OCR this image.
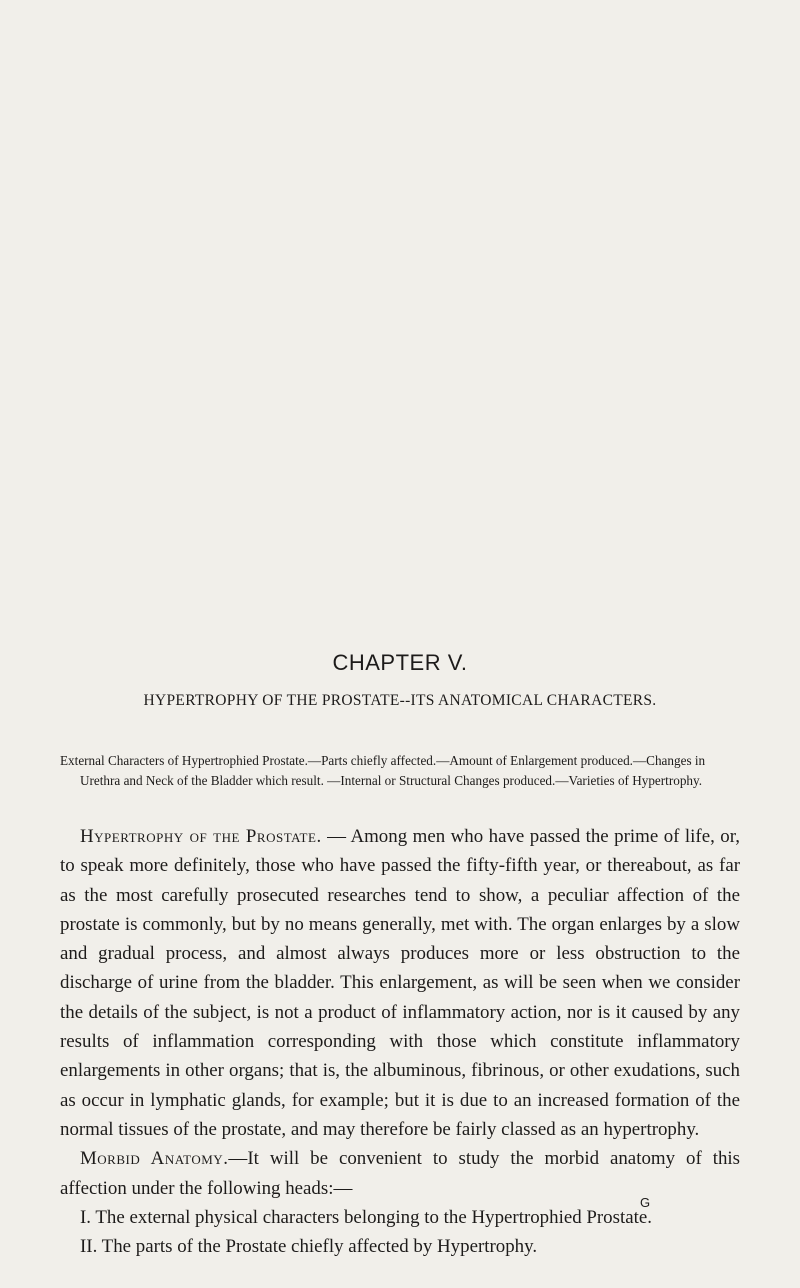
CHAPTER V.
HYPERTROPHY OF THE PROSTATE--ITS ANATOMICAL CHARACTERS.
External Characters of Hypertrophied Prostate.—Parts chiefly affected.—Amount of Enlargement produced.—Changes in Urethra and Neck of the Bladder which result. —Internal or Structural Changes produced.—Varieties of Hypertrophy.

Hypertrophy of the Prostate. — Among men who have passed the prime of life, or, to speak more definitely, those who have passed the fifty-fifth year, or thereabout, as far as the most carefully prosecuted researches tend to show, a peculiar affection of the prostate is commonly, but by no means generally, met with. The organ enlarges by a slow and gradual process, and almost always produces more or less obstruction to the discharge of urine from the bladder. This enlargement, as will be seen when we consider the details of the subject, is not a product of inflammatory action, nor is it caused by any results of inflammation corresponding with those which constitute inflammatory enlargements in other organs; that is, the albuminous, fibrinous, or other exudations, such as occur in lymphatic glands, for example; but it is due to an increased formation of the normal tissues of the prostate, and may therefore be fairly classed as an hypertrophy.

Morbid Anatomy.—It will be convenient to study the morbid anatomy of this affection under the following heads:—

I. The external physical characters belonging to the Hypertrophied Prostate.

II. The parts of the Prostate chiefly affected by Hypertrophy.

G
